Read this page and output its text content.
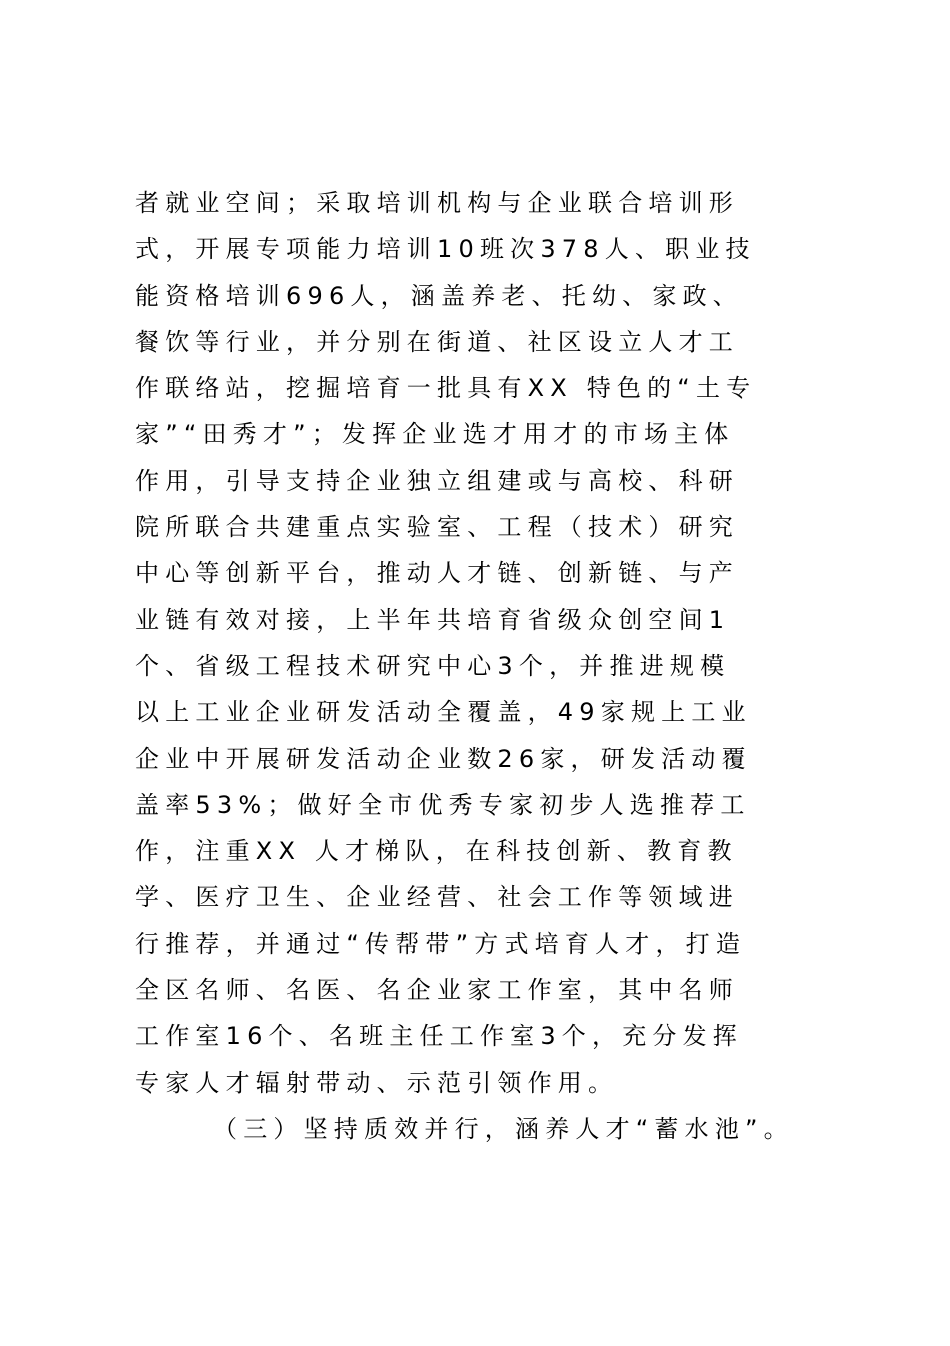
者就业空间；采取培训机构与企业联合培训形
式，开展专项能力培训10班次378人、职业技
能资格培训696人，涵盖养老、托幼、家政、
餐饮等行业，并分别在街道、社区设立人才工
作联络站，挖掘培育一批具有XX 特色的“土专
家”“田秀才”；发挥企业选才用才的市场主体
作用，引导支持企业独立组建或与高校、科研
院所联合共建重点实验室、工程（技术）研究
中心等创新平台，推动人才链、创新链、与产
业链有效对接，上半年共培育省级众创空间1
个、省级工程技术研究中心3个，并推进规模
以上工业企业研发活动全覆盖，49家规上工业
企业中开展研发活动企业数26家，研发活动覆
盖率53%；做好全市优秀专家初步人选推荐工
作，注重XX 人才梯队，在科技创新、教育教
学、医疗卫生、企业经营、社会工作等领域进
行推荐，并通过“传帮带”方式培育人才，打造
全区名师、名医、名企业家工作室，其中名师
工作室16个、名班主任工作室3个，充分发挥
专家人才辐射带动、示范引领作用。
（三）坚持质效并行，涵养人才“蓄水池”。
